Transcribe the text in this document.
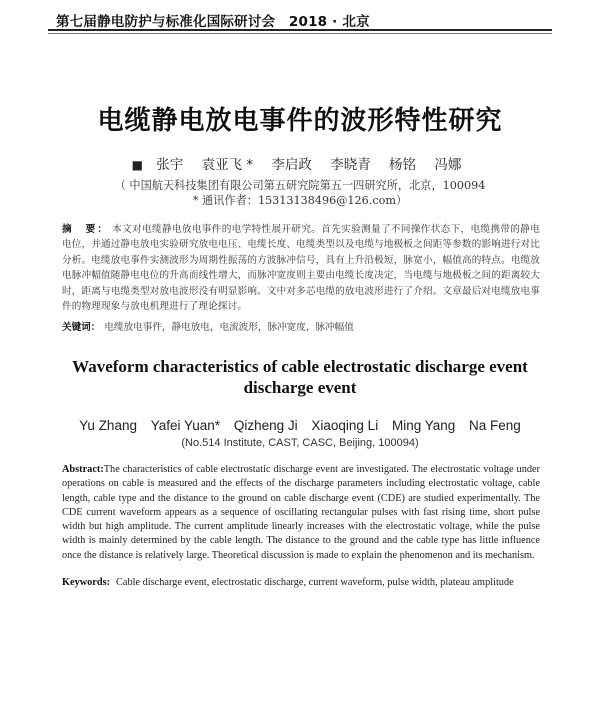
第七届静电防护与标准化国际研讨会　2018 · 北京
电缆静电放电事件的波形特性研究
■ 张宇 袁亚飞 * 李启政 李晓青 杨铭 冯娜
（ 中国航天科技集团有限公司第五研究院第五一四研究所，北京，100094
* 通讯作者：15313138496@126.com）
摘　要： 本文对电缆静电放电事件的电学特性展开研究。首先实验测量了不同操作状态下，电缆携带的静电电位，并通过静电放电实验研究放电电压、电缆长度、电缆类型以及电缆与地极板之间距等参数的影响进行对比分析。电缆放电事件实测波形为周期性振荡的方波脉冲信号，具有上升沿极短，脉宽小，幅值高的特点。电缆放电脉冲幅值随静电电位的升高而线性增大，而脉冲宽度则主要由电缆长度决定，当电缆与地极板之间的距离较大时，距离与电缆类型对放电波形没有明显影响。文中对多芯电缆的放电波形进行了介绍。文章最后对电缆放电事件的物理现象与放电机理进行了理论探讨。
关键词： 电缆放电事件，静电放电，电流波形，脉冲宽度，脉冲幅值
Waveform characteristics of cable electrostatic discharge event discharge event
Yu Zhang Yafei Yuan* Qizheng Ji Xiaoqing Li Ming Yang Na Feng
(No.514 Institute, CAST, CASC, Beijing, 100094)
Abstract:The characteristics of cable electrostatic discharge event are investigated. The electrostatic voltage under operations on cable is measured and the effects of the discharge parameters including electrostatic voltage, cable length, cable type and the distance to the ground on cable discharge event (CDE) are studied experimentally. The CDE current waveform appears as a sequence of oscillating rectangular pulses with fast rising time, short pulse width but high amplitude. The current amplitude linearly increases with the electrostatic voltage, while the pulse width is mainly determined by the cable length. The distance to the ground and the cable type has little influence once the distance is relatively large. Theoretical discussion is made to explain the phenomenon and its mechanism.
Keywords: Cable discharge event, electrostatic discharge, current waveform, pulse width, plateau amplitude
